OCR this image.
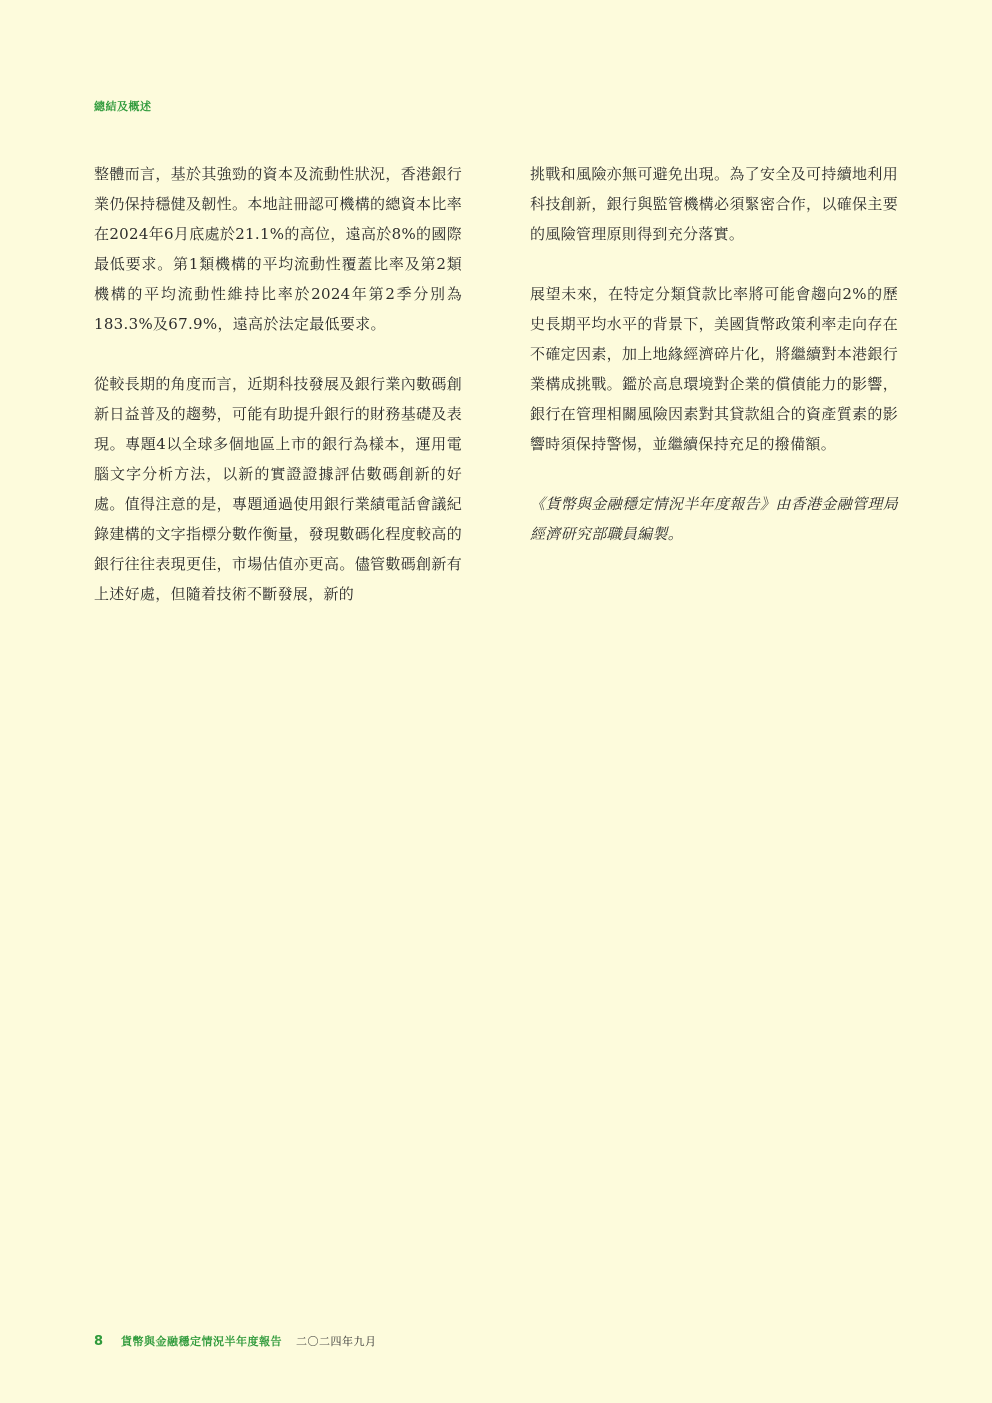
總結及概述

整體而言，基於其強勁的資本及流動性狀況，香港銀行業仍保持穩健及韌性。本地註冊認可機構的總資本比率在2024年6月底處於21.1%的高位，遠高於8%的國際最低要求。第1類機構的平均流動性覆蓋比率及第2類機構的平均流動性維持比率於2024年第2季分別為183.3%及67.9%，遠高於法定最低要求。

從較長期的角度而言，近期科技發展及銀行業內數碼創新日益普及的趨勢，可能有助提升銀行的財務基礎及表現。專題4以全球多個地區上市的銀行為樣本，運用電腦文字分析方法，以新的實證證據評估數碼創新的好處。值得注意的是，專題通過使用銀行業績電話會議紀錄建構的文字指標分數作衡量，發現數碼化程度較高的銀行往往表現更佳，市場估值亦更高。儘管數碼創新有上述好處，但隨着技術不斷發展，新的

挑戰和風險亦無可避免出現。為了安全及可持續地利用科技創新，銀行與監管機構必須緊密合作，以確保主要的風險管理原則得到充分落實。

展望未來，在特定分類貸款比率將可能會趨向2%的歷史長期平均水平的背景下，美國貨幣政策利率走向存在不確定因素，加上地緣經濟碎片化，將繼續對本港銀行業構成挑戰。鑑於高息環境對企業的償債能力的影響，銀行在管理相關風險因素對其貸款組合的資產質素的影響時須保持警惕，並繼續保持充足的撥備額。

《貨幣與金融穩定情況半年度報告》由香港金融管理局經濟研究部職員編製。

8 貨幣與金融穩定情況半年度報告 二〇二四年九月
